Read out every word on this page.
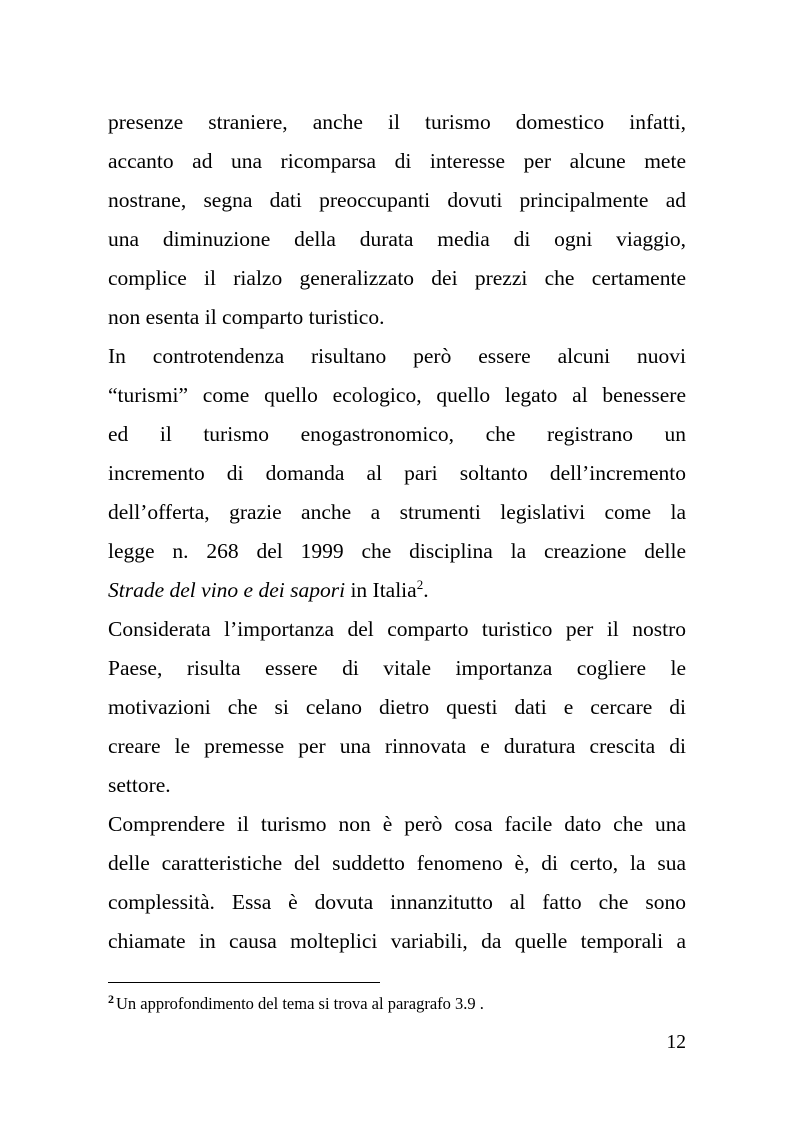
presenze straniere, anche il turismo domestico infatti,
accanto ad una ricomparsa di interesse per alcune mete
nostrane, segna dati preoccupanti dovuti principalmente ad
una diminuzione della durata media di ogni viaggio,
complice il rialzo generalizzato dei prezzi che certamente
non esenta il comparto turistico.
In controtendenza risultano però essere alcuni nuovi
“turismi” come quello ecologico, quello legato al benessere
ed il turismo enogastronomico, che registrano un
incremento di domanda al pari soltanto dell’incremento
dell’offerta, grazie anche a strumenti legislativi come la
legge n. 268 del 1999 che disciplina la creazione delle
Strade del vino e dei sapori in Italia$^2$.
Considerata l’importanza del comparto turistico per il nostro
Paese, risulta essere di vitale importanza cogliere le
motivazioni che si celano dietro questi dati e cercare di
creare le premesse per una rinnovata e duratura crescita di
settore.
Comprendere il turismo non è però cosa facile dato che una
delle caratteristiche del suddetto fenomeno è, di certo, la sua
complessità. Essa è dovuta innanzitutto al fatto che sono
chiamate in causa molteplici variabili, da quelle temporali a
$^2$ Un approfondimento del tema si trova al paragrafo 3.9 .
12
